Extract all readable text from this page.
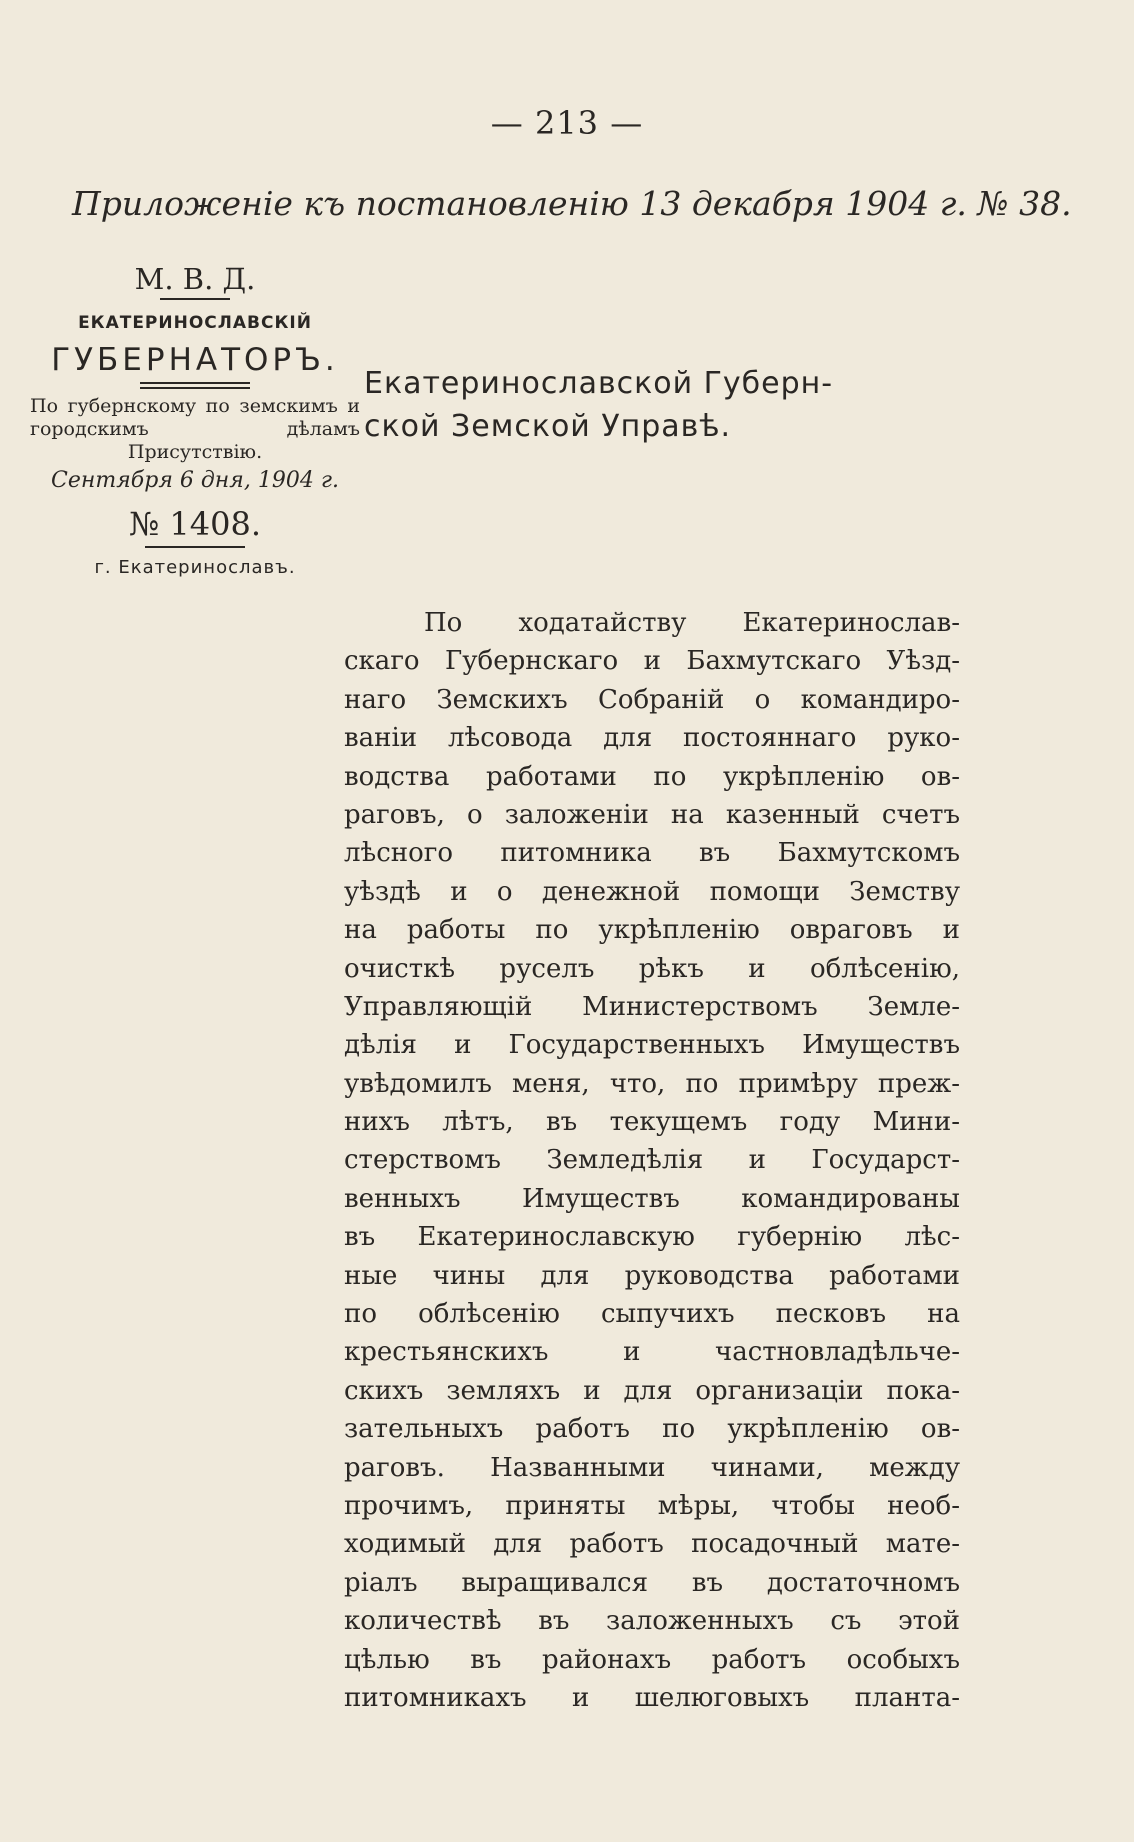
— 213 —
Приложеніе къ постановленію 13 декабря 1904 г. № 38.
М. В. Д.
ЕКАТЕРИНОСЛАВСКІЙ
ГУБЕРНАТОРЪ.
По губернскому по земскимъ и городскимъ дѣламъ Присутствію.
Сентября 6 дня, 1904 г.
№ 1408.
г. Екатеринославъ.
Екатеринославской Губерн-
ской Земской Управѣ.
По ходатайству Екатеринослав-
скаго Губернскаго и Бахмутскаго Уѣзд-
наго Земскихъ Собраній о командиро-
ваніи лѣсовода для постояннаго руко-
водства работами по укрѣпленію ов-
раговъ, о заложеніи на казенный счетъ
лѣсного питомника въ Бахмутскомъ
уѣздѣ и о денежной помощи Земству
на работы по укрѣпленію овраговъ и
очисткѣ руселъ рѣкъ и облѣсенію,
Управляющій Министерствомъ Земле-
дѣлія и Государственныхъ Имуществъ
увѣдомилъ меня, что, по примѣру преж-
нихъ лѣтъ, въ текущемъ году Мини-
стерствомъ Земледѣлія и Государст-
венныхъ Имуществъ командированы
въ Екатеринославскую губернію лѣс-
ные чины для руководства работами
по облѣсенію сыпучихъ песковъ на
крестьянскихъ и частновладѣльче-
скихъ земляхъ и для организаціи пока-
зательныхъ работъ по укрѣпленію ов-
раговъ. Названными чинами, между
прочимъ, приняты мѣры, чтобы необ-
ходимый для работъ посадочный мате-
ріалъ выращивался въ достаточномъ
количествѣ въ заложенныхъ съ этой
цѣлью въ районахъ работъ особыхъ
питомникахъ и шелюговыхъ планта-
